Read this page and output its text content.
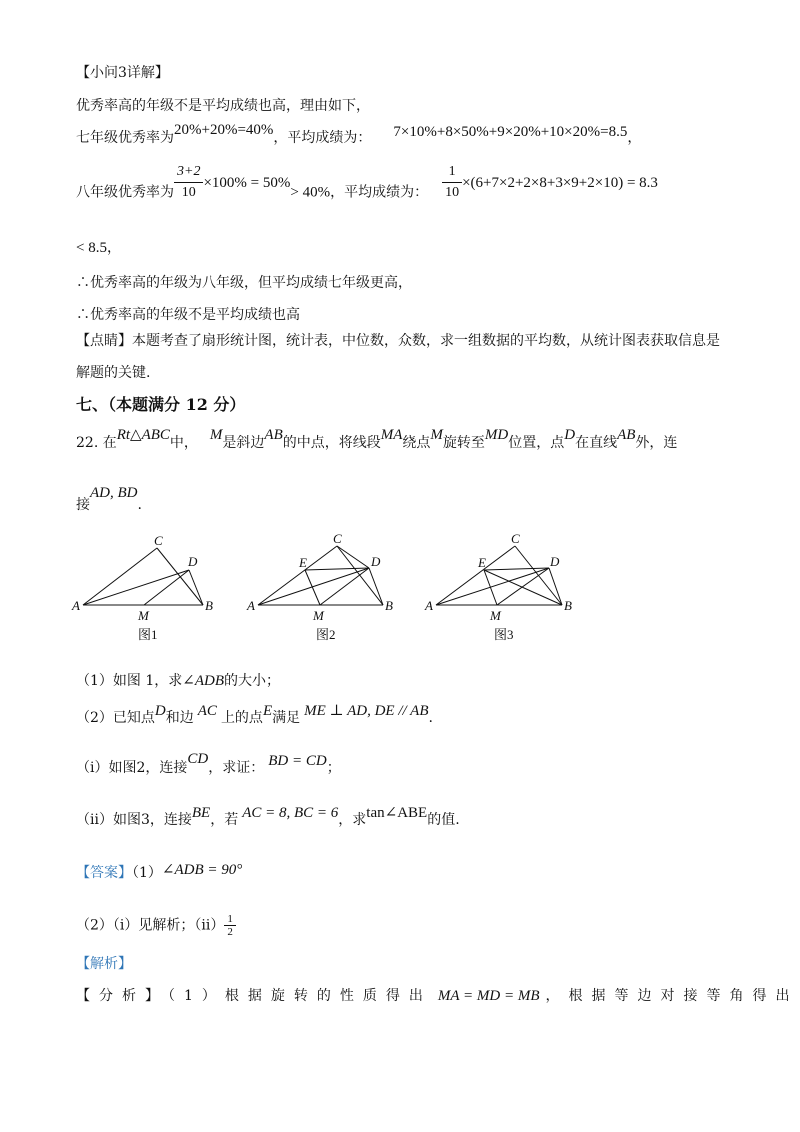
【小问3详解】
优秀率高的年级不是平均成绩也高，理由如下，
七年级优秀率为20%+20%=40%，平均成绩为： 7×10%+8×50%+9×20%+10×20%=8.5，
八年级优秀率为 $\frac{3+2}{10} \times 100\% = 50\%> 40\%$，平均成绩为： $\frac{1}{10} \times(6+7\times 2+2\times 8+3\times 9+2\times 10) = 8.3$
< 8.5，
∴优秀率高的年级为八年级，但平均成绩七年级更高，
∴优秀率高的年级不是平均成绩也高
【点睛】本题考查了扇形统计图，统计表，中位数，众数，求一组数据的平均数，从统计图表获取信息是
解题的关键.
七、（本题满分 12 分）
22. 在Rt△ABC中， M是斜边AB的中点，将线段MA绕点M旋转至MD位置，点D在直线AB外，连
接AD, BD.
A	B
C
D
M
A	B
C
D
E
M
A	B
C
D
E
M
图1	图2	图3
（1）如图 1，求∠ADB的大小；
（2）已知点D和边 AC 上的点E满足 ME ⊥ AD, DE // AB.
（ⅰ）如图2，连接CD，求证： BD = CD；
（ⅱ）如图3，连接BE，若 AC = 8, BC = 6，求tan∠ABE的值.
【答案】（1）∠ADB = 90°
（2）（ⅰ）见解析；（ⅱ） $\frac{1}{2}$
【解析】
【分析】（1）根据旋转的性质得出 MA = MD = MB ，根据等边对接等角得出
